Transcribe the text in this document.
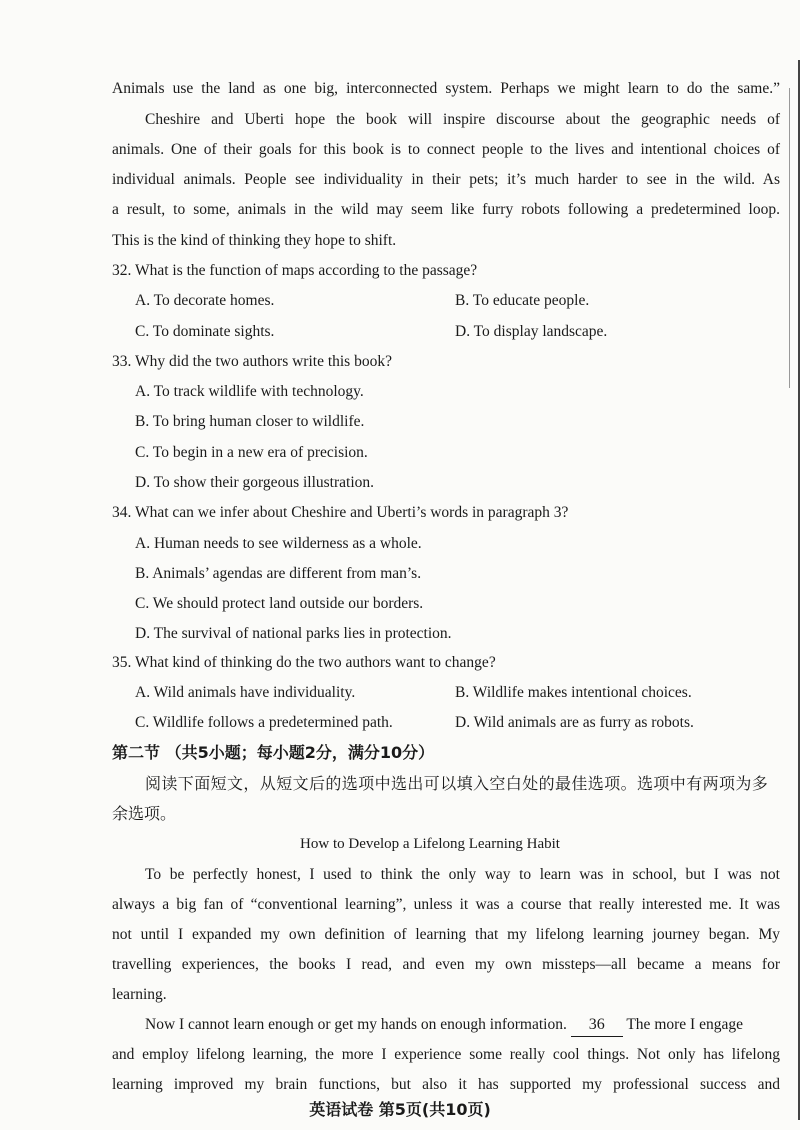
Animals use the land as one big, interconnected system. Perhaps we might learn to do the same.”
Cheshire and Uberti hope the book will inspire discourse about the geographic needs of
animals. One of their goals for this book is to connect people to the lives and intentional choices of
individual animals. People see individuality in their pets; it’s much harder to see in the wild. As
a result, to some, animals in the wild may seem like furry robots following a predetermined loop.
This is the kind of thinking they hope to shift.
32. What is the function of maps according to the passage?
A. To decorate homes.	B. To educate people.
C. To dominate sights.	D. To display landscape.
33. Why did the two authors write this book?
A. To track wildlife with technology.
B. To bring human closer to wildlife.
C. To begin in a new era of precision.
D. To show their gorgeous illustration.
34. What can we infer about Cheshire and Uberti’s words in paragraph 3?
A. Human needs to see wilderness as a whole.
B. Animals’ agendas are different from man’s.
C. We should protect land outside our borders.
D. The survival of national parks lies in protection.
35. What kind of thinking do the two authors want to change?
A. Wild animals have individuality.	B. Wildlife makes intentional choices.
C. Wildlife follows a predetermined path.	D. Wild animals are as furry as robots.
第二节 （共5小题；每小题2分，满分10分）
阅读下面短文，从短文后的选项中选出可以填入空白处的最佳选项。选项中有两项为多
余选项。
How to Develop a Lifelong Learning Habit
To be perfectly honest, I used to think the only way to learn was in school, but I was not
always a big fan of “conventional learning”, unless it was a course that really interested me. It was
not until I expanded my own definition of learning that my lifelong learning journey began. My
travelling experiences, the books I read, and even my own missteps—all became a means for
learning.
Now I cannot learn enough or get my hands on enough information. 36 The more I engage
and employ lifelong learning, the more I experience some really cool things. Not only has lifelong
learning improved my brain functions, but also it has supported my professional success and
英语试卷 第5页(共10页)
